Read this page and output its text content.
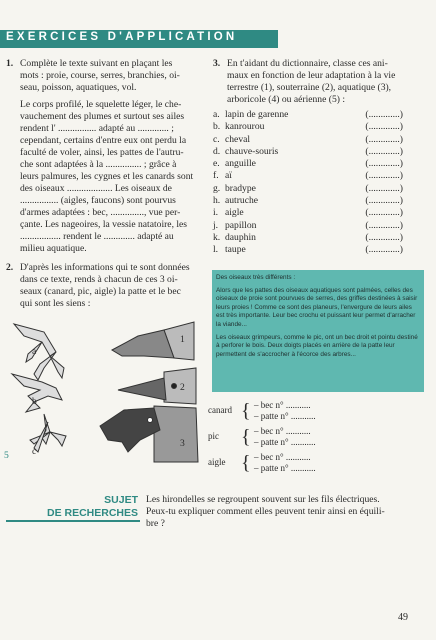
EXERCICES D'APPLICATION
1. Complète le texte suivant en plaçant les
mots : proie, course, serres, branchies, oi-
seau, poisson, aquatiques, vol.
Le corps profilé, le squelette léger, le che-
vauchement des plumes et surtout ses ailes
rendent l' ................ adapté au ............. ;
cependant, certains d'entre eux ont perdu la
faculté de voler, ainsi, les pattes de l'autru-
che sont adaptées à la ............... ; grâce à
leurs palmures, les cygnes et les canards sont
des oiseaux ................... Les oiseaux de
................ (aigles, faucons) sont pourvus
d'armes adaptées : bec, .............., vue per-
çante. Les nageoires, la vessie natatoire, les
................. rendent le ............. adapté au
milieu aquatique.
3. En t'aidant du dictionnaire, classe ces ani-
maux en fonction de leur adaptation à la vie
terrestre (1), souterraine (2), aquatique (3),
arboricole (4) ou aérienne (5) :
a. lapin de garenne	(.............)
b. kanrourou	(.............)
c. cheval	(.............)
d. chauve-souris	(.............)
e. anguille	(.............)
f. aï	(.............)
g. bradype	(.............)
h. autruche	(.............)
i. aigle	(.............)
j. papillon	(.............)
k. dauphin	(.............)
l. taupe	(.............)
2. D'après les informations qui te sont données
dans ce texte, rends à chacun de ces 3 oi-
seaux (canard, pic, aigle) la patte et le bec
qui sont les siens :
Des oiseaux très différents :
Alors que les pattes des oiseaux aquatiques sont palmées, celles des oiseaux de proie sont pourvues de serres, des griffes destinées à saisir leurs proies ! Comme ce sont des planeurs, l'envergure de leurs ailes est très importante. Leur bec crochu et puissant leur permet d'arracher la viande...
Les oiseaux grimpeurs, comme le pic, ont un bec droit et pointu destiné à perforer le bois. Deux doigts placés en arrière de la patte leur permettent de s'accrocher à l'écorce des arbres...
a
b
c
1
2
3
5
canard { – bec n° ...........
– patte n° ...........
pic { – bec n° ...........
– patte n° ...........
aigle { – bec n° ...........
– patte n° ...........
SUJET
DE RECHERCHES
Les hirondelles se regroupent souvent sur les fils électriques.
Peux-tu expliquer comment elles peuvent tenir ainsi en équili-
bre ?
49
